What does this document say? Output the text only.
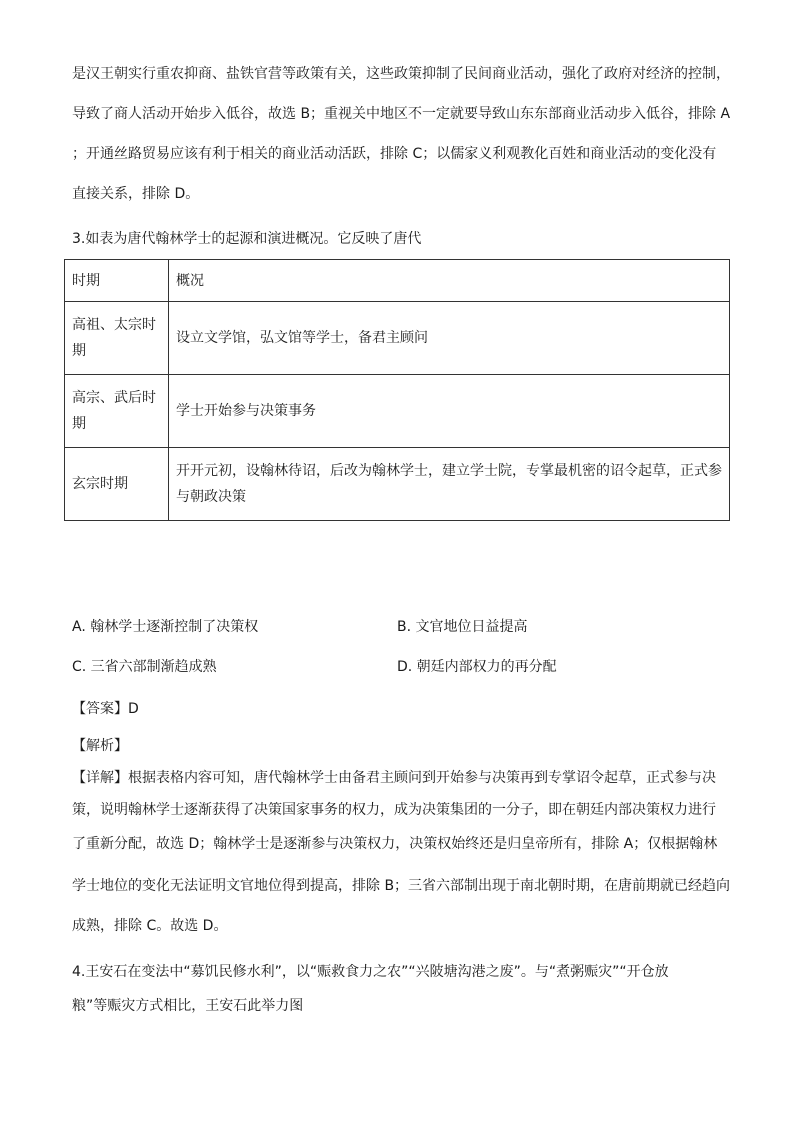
是汉王朝实行重农抑商、盐铁官营等政策有关，这些政策抑制了民间商业活动，强化了政府对经济的控制，
导致了商人活动开始步入低谷，故选 B；重视关中地区不一定就要导致山东东部商业活动步入低谷，排除 A
；开通丝路贸易应该有利于相关的商业活动活跃，排除 C；以儒家义利观教化百姓和商业活动的变化没有
直接关系，排除 D。
3.如表为唐代翰林学士的起源和演进概况。它反映了唐代
时期	概况

高祖、太宗时
期	设立文学馆，弘文馆等学士，备君主顾问

高宗、武后时
期	学士开始参与决策事务

玄宗时期	开开元初，设翰林待诏，后改为翰林学士，建立学士院，专掌最机密的诏令起草，正式参
与朝政决策
A. 翰林学士逐渐控制了决策权	B. 文官地位日益提高
C. 三省六部制渐趋成熟	D. 朝廷内部权力的再分配
【答案】D
【解析】
【详解】根据表格内容可知，唐代翰林学士由备君主顾问到开始参与决策再到专掌诏令起草，正式参与决
策，说明翰林学士逐渐获得了决策国家事务的权力，成为决策集团的一分子，即在朝廷内部决策权力进行
了重新分配，故选 D；翰林学士是逐渐参与决策权力，决策权始终还是归皇帝所有，排除 A；仅根据翰林
学士地位的变化无法证明文官地位得到提高，排除 B；三省六部制出现于南北朝时期，在唐前期就已经趋向
成熟，排除 C。故选 D。
4.王安石在变法中“募饥民修水利”，以“赈救食力之农”“兴陂塘沟港之废”。与“煮粥赈灾”“开仓放
粮”等赈灾方式相比，王安石此举力图
